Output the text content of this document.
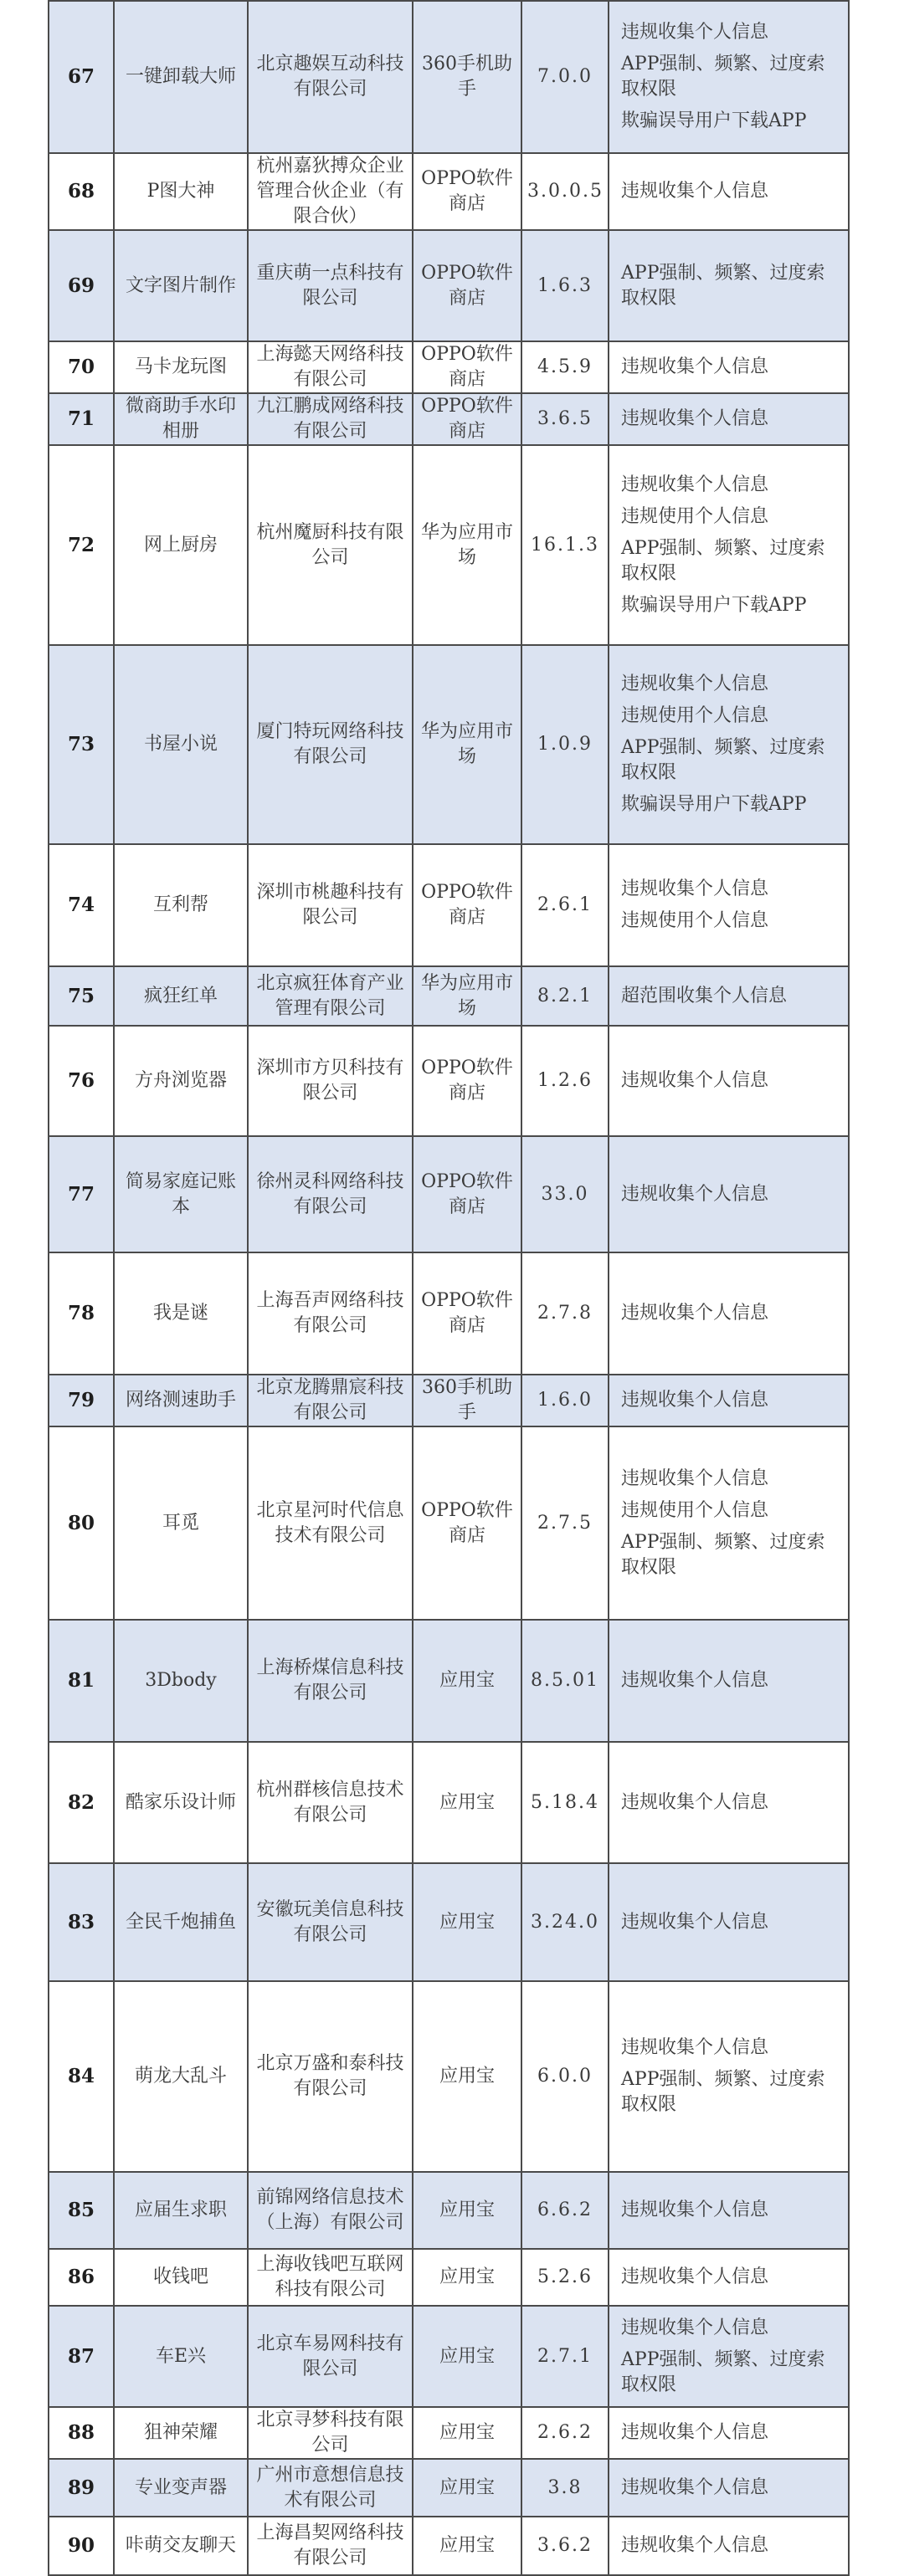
67	一键卸载大师	北京趣娱互动科技有限公司	360手机助手	7.0.0	违规收集个人信息
APP强制、频繁、过度索取权限
欺骗误导用户下载APP

68	P图大神	杭州嘉狄搏众企业管理合伙企业（有限合伙）	OPPO软件商店	3.0.0.5	违规收集个人信息

69	文字图片制作	重庆萌一点科技有限公司	OPPO软件商店	1.6.3	APP强制、频繁、过度索取权限

70	马卡龙玩图	上海懿天网络科技有限公司	OPPO软件商店	4.5.9	违规收集个人信息

71	微商助手水印相册	九江鹏成网络科技有限公司	OPPO软件商店	3.6.5	违规收集个人信息

72	网上厨房	杭州魔厨科技有限公司	华为应用市场	16.1.3	违规收集个人信息
违规使用个人信息
APP强制、频繁、过度索取权限
欺骗误导用户下载APP

73	书屋小说	厦门特玩网络科技有限公司	华为应用市场	1.0.9	违规收集个人信息
违规使用个人信息
APP强制、频繁、过度索取权限
欺骗误导用户下载APP

74	互利帮	深圳市桃趣科技有限公司	OPPO软件商店	2.6.1	违规收集个人信息
违规使用个人信息

75	疯狂红单	北京疯狂体育产业管理有限公司	华为应用市场	8.2.1	超范围收集个人信息

76	方舟浏览器	深圳市方贝科技有限公司	OPPO软件商店	1.2.6	违规收集个人信息

77	简易家庭记账本	徐州灵科网络科技有限公司	OPPO软件商店	33.0	违规收集个人信息

78	我是谜	上海吾声网络科技有限公司	OPPO软件商店	2.7.8	违规收集个人信息

79	网络测速助手	北京龙腾鼎宸科技有限公司	360手机助手	1.6.0	违规收集个人信息

80	耳觅	北京星河时代信息技术有限公司	OPPO软件商店	2.7.5	违规收集个人信息
违规使用个人信息
APP强制、频繁、过度索取权限

81	3Dbody	上海桥煤信息科技有限公司	应用宝	8.5.01	违规收集个人信息

82	酷家乐设计师	杭州群核信息技术有限公司	应用宝	5.18.4	违规收集个人信息

83	全民千炮捕鱼	安徽玩美信息科技有限公司	应用宝	3.24.0	违规收集个人信息

84	萌龙大乱斗	北京万盛和泰科技有限公司	应用宝	6.0.0	违规收集个人信息
APP强制、频繁、过度索取权限

85	应届生求职	前锦网络信息技术（上海）有限公司	应用宝	6.6.2	违规收集个人信息

86	收钱吧	上海收钱吧互联网科技有限公司	应用宝	5.2.6	违规收集个人信息

87	车E兴	北京车易网科技有限公司	应用宝	2.7.1	违规收集个人信息
APP强制、频繁、过度索取权限

88	狙神荣耀	北京寻梦科技有限公司	应用宝	2.6.2	违规收集个人信息

89	专业变声器	广州市意想信息技术有限公司	应用宝	3.8	违规收集个人信息

90	咔萌交友聊天	上海昌契网络科技有限公司	应用宝	3.6.2	违规收集个人信息
